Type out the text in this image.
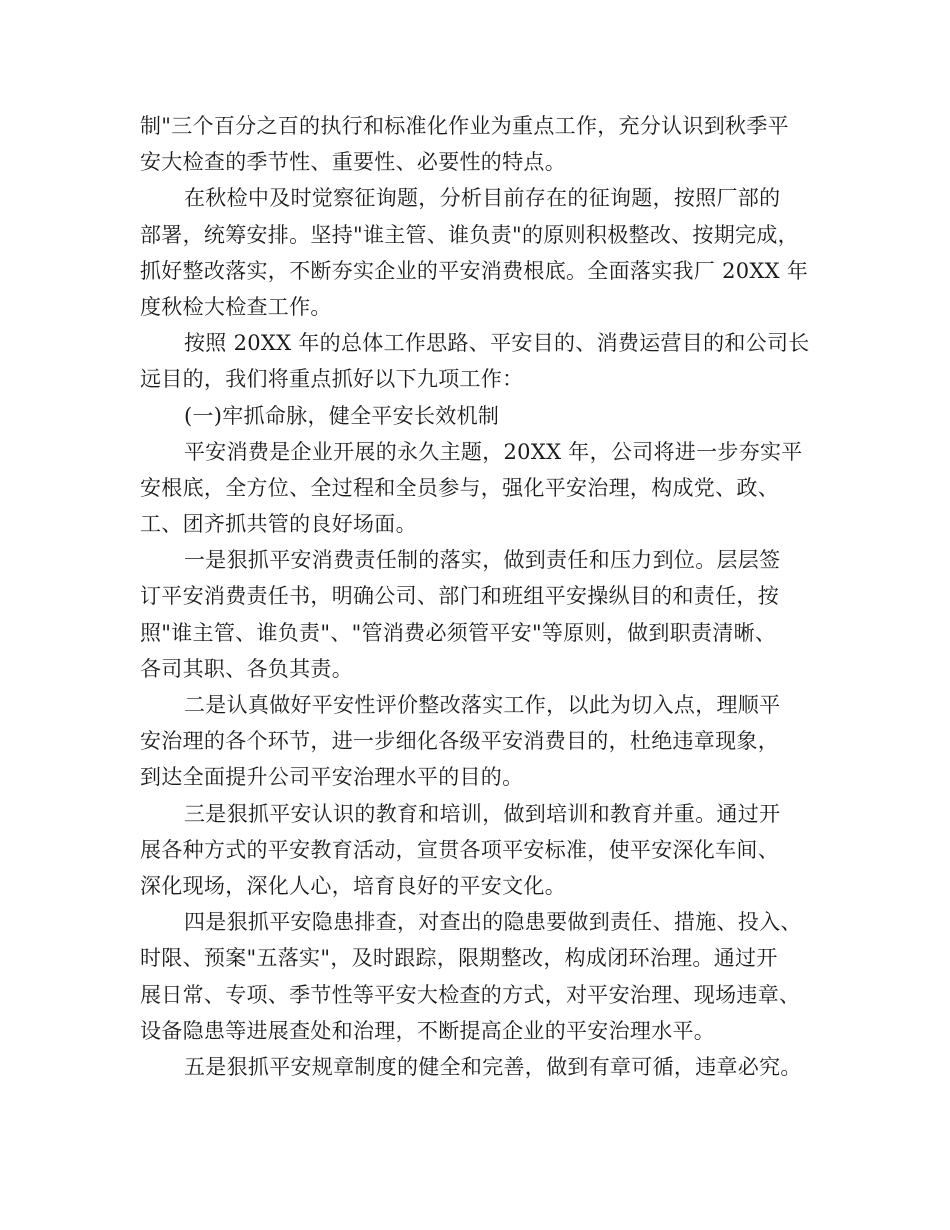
制"三个百分之百的执行和标准化作业为重点工作，充分认识到秋季平
安大检查的季节性、重要性、必要性的特点。
在秋检中及时觉察征询题，分析目前存在的征询题，按照厂部的
部署，统筹安排。坚持"谁主管、谁负责"的原则积极整改、按期完成，
抓好整改落实，不断夯实企业的平安消费根底。全面落实我厂 20XX 年
度秋检大检查工作。
按照 20XX 年的总体工作思路、平安目的、消费运营目的和公司长
远目的，我们将重点抓好以下九项工作：
(一)牢抓命脉，健全平安长效机制
平安消费是企业开展的永久主题，20XX 年，公司将进一步夯实平
安根底，全方位、全过程和全员参与，强化平安治理，构成党、政、
工、团齐抓共管的良好场面。
一是狠抓平安消费责任制的落实，做到责任和压力到位。层层签
订平安消费责任书，明确公司、部门和班组平安操纵目的和责任，按
照"谁主管、谁负责"、"管消费必须管平安"等原则，做到职责清晰、
各司其职、各负其责。
二是认真做好平安性评价整改落实工作，以此为切入点，理顺平
安治理的各个环节，进一步细化各级平安消费目的，杜绝违章现象，
到达全面提升公司平安治理水平的目的。
三是狠抓平安认识的教育和培训，做到培训和教育并重。通过开
展各种方式的平安教育活动，宣贯各项平安标准，使平安深化车间、
深化现场，深化人心，培育良好的平安文化。
四是狠抓平安隐患排查，对查出的隐患要做到责任、措施、投入、
时限、预案"五落实"，及时跟踪，限期整改，构成闭环治理。通过开
展日常、专项、季节性等平安大检查的方式，对平安治理、现场违章、
设备隐患等进展查处和治理，不断提高企业的平安治理水平。
五是狠抓平安规章制度的健全和完善，做到有章可循，违章必究。
